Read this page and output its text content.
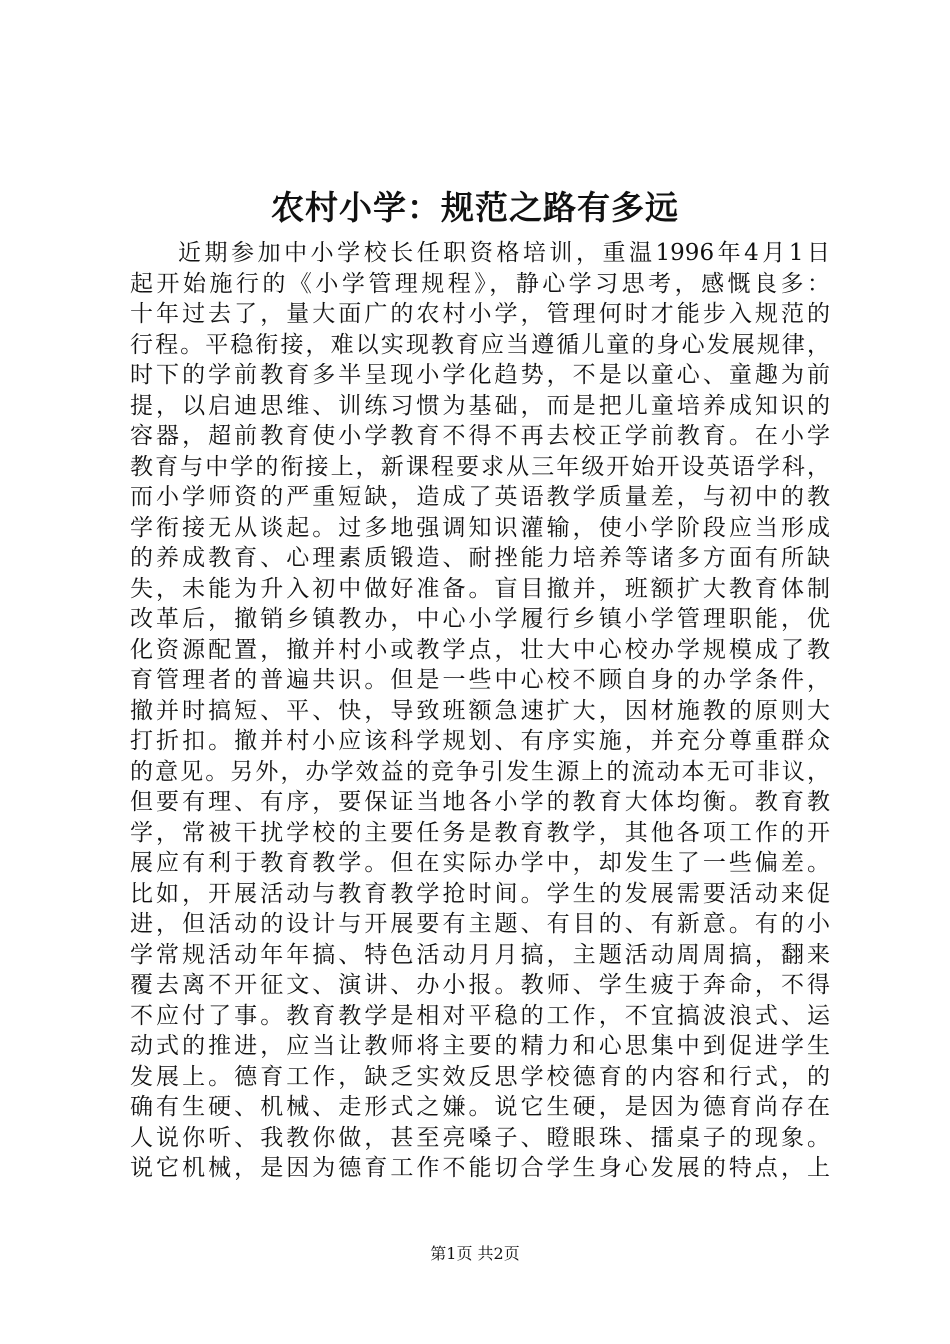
农村小学：规范之路有多远
近期参加中小学校长任职资格培训，重温1996年4月1日
起开始施行的《小学管理规程》，静心学习思考，感慨良多：
十年过去了，量大面广的农村小学，管理何时才能步入规范的
行程。平稳衔接，难以实现教育应当遵循儿童的身心发展规律，
时下的学前教育多半呈现小学化趋势，不是以童心、童趣为前
提，以启迪思维、训练习惯为基础，而是把儿童培养成知识的
容器，超前教育使小学教育不得不再去校正学前教育。在小学
教育与中学的衔接上，新课程要求从三年级开始开设英语学科，
而小学师资的严重短缺，造成了英语教学质量差，与初中的教
学衔接无从谈起。过多地强调知识灌输，使小学阶段应当形成
的养成教育、心理素质锻造、耐挫能力培养等诸多方面有所缺
失，未能为升入初中做好准备。盲目撤并，班额扩大教育体制
改革后，撤销乡镇教办，中心小学履行乡镇小学管理职能，优
化资源配置，撤并村小或教学点，壮大中心校办学规模成了教
育管理者的普遍共识。但是一些中心校不顾自身的办学条件，
撤并时搞短、平、快，导致班额急速扩大，因材施教的原则大
打折扣。撤并村小应该科学规划、有序实施，并充分尊重群众
的意见。另外，办学效益的竞争引发生源上的流动本无可非议，
但要有理、有序，要保证当地各小学的教育大体均衡。教育教
学，常被干扰学校的主要任务是教育教学，其他各项工作的开
展应有利于教育教学。但在实际办学中，却发生了一些偏差。
比如，开展活动与教育教学抢时间。学生的发展需要活动来促
进，但活动的设计与开展要有主题、有目的、有新意。有的小
学常规活动年年搞、特色活动月月搞，主题活动周周搞，翻来
覆去离不开征文、演讲、办小报。教师、学生疲于奔命，不得
不应付了事。教育教学是相对平稳的工作，不宜搞波浪式、运
动式的推进，应当让教师将主要的精力和心思集中到促进学生
发展上。德育工作，缺乏实效反思学校德育的内容和行式，的
确有生硬、机械、走形式之嫌。说它生硬，是因为德育尚存在
人说你听、我教你做，甚至亮嗓子、瞪眼珠、擂桌子的现象。
说它机械，是因为德育工作不能切合学生身心发展的特点，上
第1页 共2页
